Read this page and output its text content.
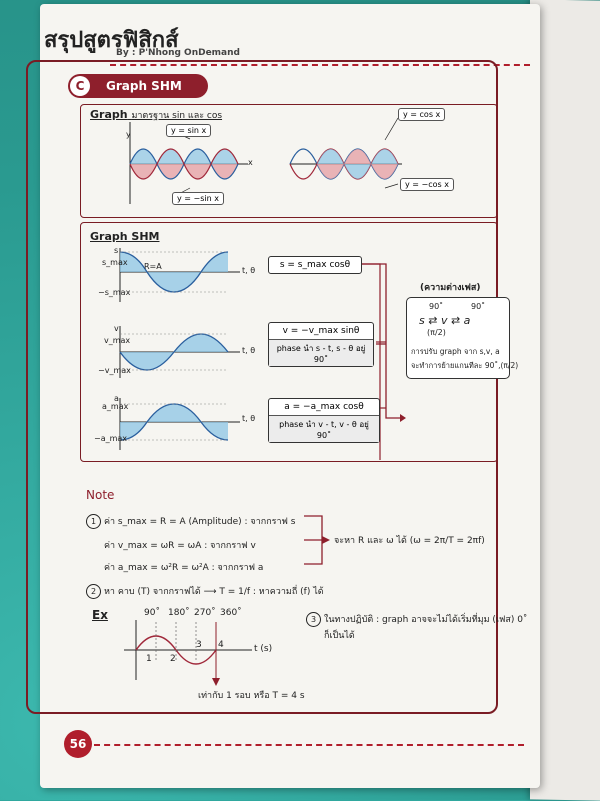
สรุปสูตรฟิสิกส์
By : P'Nhong OnDemand
Graph SHM
C
Graph มาตรฐาน sin และ cos
y
x
y = sin x
y = −sin x
y = cos x
y = −cos x
Graph SHM
s
s_max
−s_max
R=A	t, θ
v
v_max
−v_max
t, θ
a
a_max
−a_max
t, θ
s = s_max cosθ
v = −v_max sinθ
phase นำ s - t, s - θ อยู่ 90˚
a = −a_max cosθ
phase นำ v - t, v - θ อยู่ 90˚
(ความต่างเฟส)
90˚	90˚
s ⇄ v ⇄ a
(π/2)
การปรับ graph จาก s,v, a
จะทำการย้ายแกนทีละ 90˚,(π/2)
Note
1 ค่า s_max = R = A (Amplitude) : จากกราฟ s
ค่า v_max = ωR = ωA : จากกราฟ v
ค่า a_max = ω²R = ω²A : จากกราฟ a
จะหา R และ ω ได้ (ω = 2π/T = 2πf)
2 หา คาบ (T) จากกราฟได้ ⟶ T = 1/f : หาความถี่ (f) ได้
3 ในทางปฏิบัติ : graph อาจจะไม่ได้เริ่มที่มุม (เฟส) 0˚
ก็เป็นได้
Ex	90˚ 180˚ 270˚ 360˚
1 2
3 4	t (s)
เท่ากับ 1 รอบ หรือ T = 4 s
56
